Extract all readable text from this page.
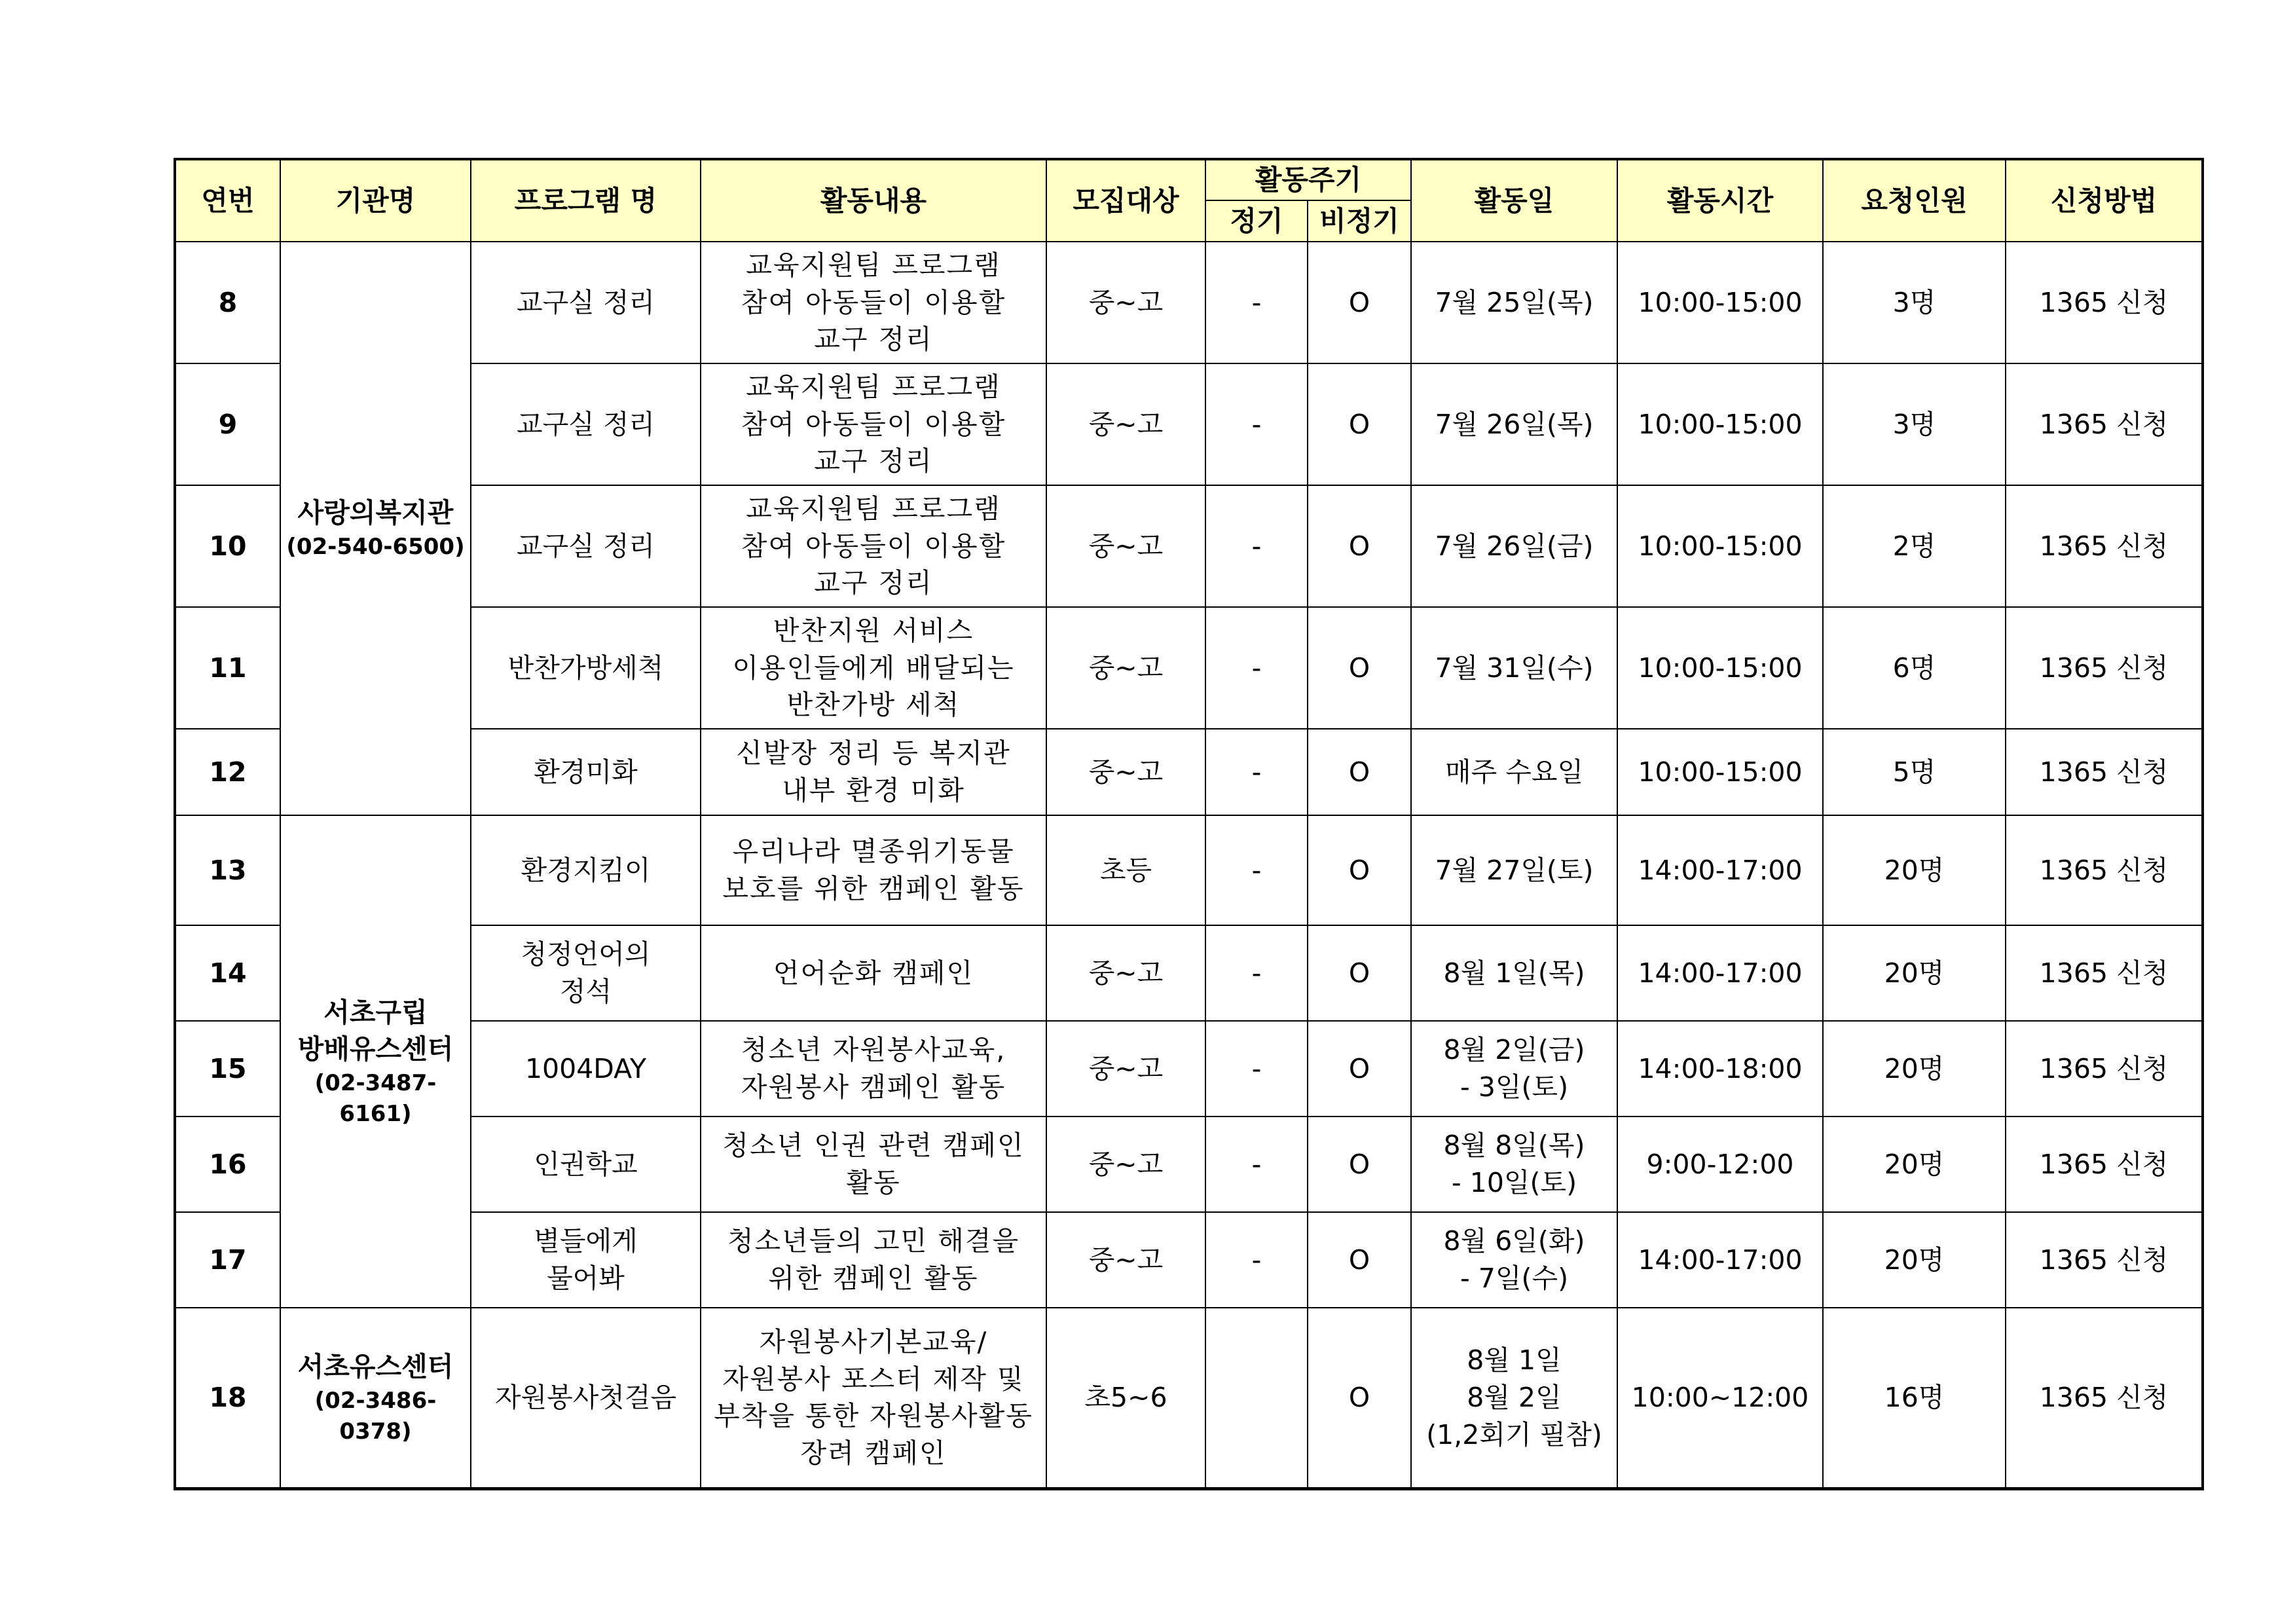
연번	기관명	프로그램 명	활동내용	모집대상	활동주기		활동일	활동시간	요청인원	신청방법
					정기	비정기				
8	사랑의복지관
(02-540-6500)	교구실 정리	교육지원팀 프로그램
참여 아동들이 이용할
교구 정리	중~고	-	O	7월 25일(목)	10:00-15:00	3명	1365 신청
9		교구실 정리	교육지원팀 프로그램
참여 아동들이 이용할
교구 정리	중~고	-	O	7월 26일(목)	10:00-15:00	3명	1365 신청
10		교구실 정리	교육지원팀 프로그램
참여 아동들이 이용할
교구 정리	중~고	-	O	7월 26일(금)	10:00-15:00	2명	1365 신청
11		반찬가방세척	반찬지원 서비스
이용인들에게 배달되는
반찬가방 세척	중~고	-	O	7월 31일(수)	10:00-15:00	6명	1365 신청
12		환경미화	신발장 정리 등 복지관
내부 환경 미화	중~고	-	O	매주 수요일	10:00-15:00	5명	1365 신청
13	서초구립
방배유스센터
(02-3487-6161)	환경지킴이	우리나라 멸종위기동물
보호를 위한 캠페인 활동	초등	-	O	7월 27일(토)	14:00-17:00	20명	1365 신청
14		청정언어의
정석	언어순화 캠페인	중~고	-	O	8월 1일(목)	14:00-17:00	20명	1365 신청
15		1004DAY	청소년 자원봉사교육,
자원봉사 캠페인 활동	중~고	-	O	8월 2일(금)
- 3일(토)	14:00-18:00	20명	1365 신청
16		인권학교	청소년 인권 관련 캠페인
활동	중~고	-	O	8월 8일(목)
- 10일(토)	9:00-12:00	20명	1365 신청
17		별들에게
물어봐	청소년들의 고민 해결을
위한 캠페인 활동	중~고	-	O	8월 6일(화)
- 7일(수)	14:00-17:00	20명	1365 신청
18	서초유스센터
(02-3486-0378)	자원봉사첫걸음	자원봉사기본교육/
자원봉사 포스터 제작 및
부착을 통한 자원봉사활동
장려 캠페인	초5~6		O	8월 1일
8월 2일
(1,2회기 필참)	10:00~12:00	16명	1365 신청
